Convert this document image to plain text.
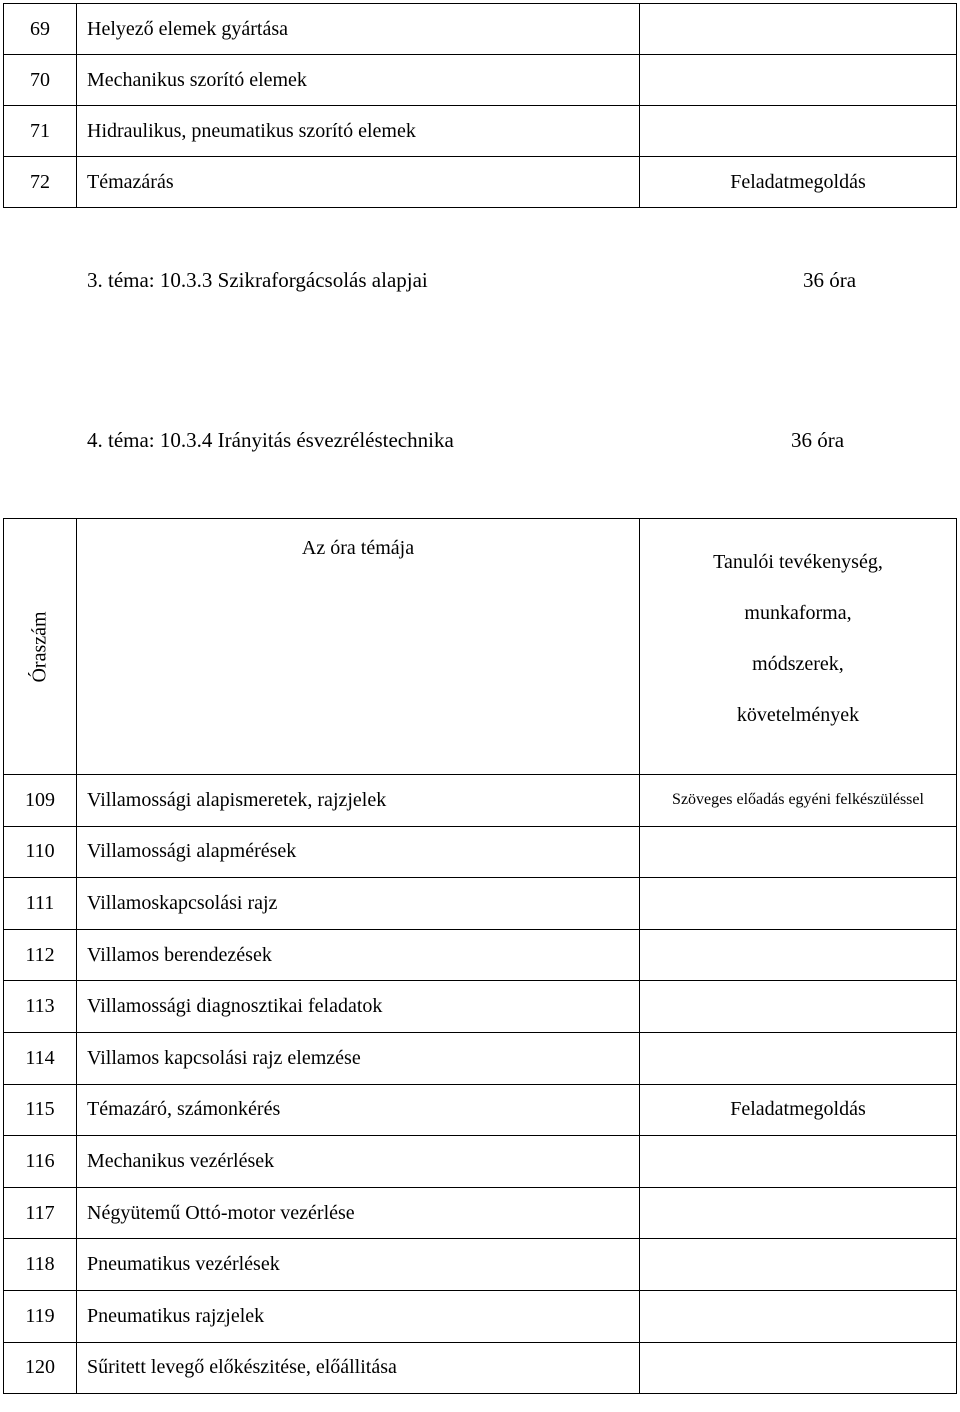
69	Helyező elemek gyártása	
70	Mechanikus szorító elemek	
71	Hidraulikus, pneumatikus szorító elemek	
72	Témazárás	Feladatmegoldás
3. téma: 10.3.3 Szikraforgácsolás alapjai	36 óra
4. téma: 10.3.4 Irányitás ésvezréléstechnika	36 óra
Óraszám	Az óra témája	Tanulói tevékenység,
munkaforma,
módszerek,
követelmények

109	Villamossági alapismeretek, rajzjelek	Szöveges előadás egyéni felkészüléssel
110	Villamossági alapmérések	
111	Villamoskapcsolási rajz	
112	Villamos berendezések	
113	Villamossági diagnosztikai feladatok	
114	Villamos kapcsolási rajz elemzése	
115	Témazáró, számonkérés	Feladatmegoldás
116	Mechanikus vezérlések	
117	Négyütemű Ottó-motor vezérlése	
118	Pneumatikus vezérlések	
119	Pneumatikus rajzjelek	
120	Sűritett levegő előkészitése, előállitása	
